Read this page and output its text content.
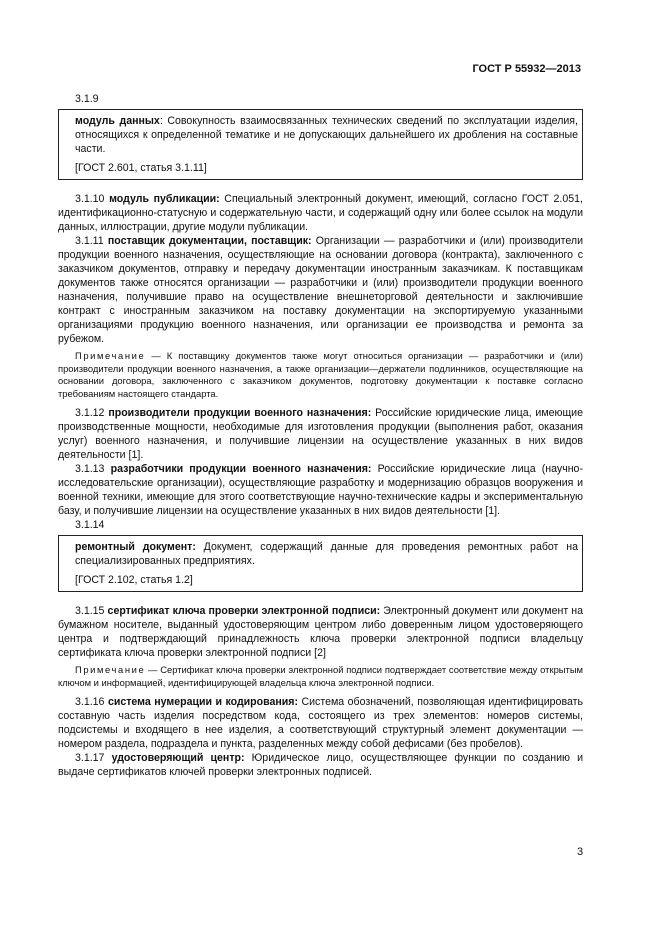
ГОСТ Р 55932—2013
3.1.9
модуль данных: Совокупность взаимосвязанных технических сведений по эксплуатации изделия, относящихся к определенной тематике и не допускающих дальнейшего их дробления на составные части.
[ГОСТ 2.601, статья 3.1.11]

3.1.10 модуль публикации: Специальный электронный документ, имеющий, согласно ГОСТ 2.051, идентификационно-статусную и содержательную части, и содержащий одну или более ссылок на модули данных, иллюстрации, другие модули публикации.

3.1.11 поставщик документации, поставщик: Организации — разработчики и (или) производители продукции военного назначения, осуществляющие на основании договора (контракта), заключенного с заказчиком документов, отправку и передачу документации иностранным заказчикам. К поставщикам документов также относятся организации — разработчики и (или) производители продукции военного назначения, получившие право на осуществление внешнеторговой деятельности и заключившие контракт с иностранным заказчиком на поставку документации на экспортируемую указанными организациями продукцию военного назначения, или организации ее производства и ремонта за рубежом.

Примечание — К поставщику документов также могут относиться организации — разработчики и (или) производители продукции военного назначения, а также организации—держатели подлинников, осуществляющие на основании договора, заключенного с заказчиком документов, подготовку документации к поставке согласно требованиям настоящего стандарта.

3.1.12 производители продукции военного назначения: Российские юридические лица, имеющие производственные мощности, необходимые для изготовления продукции (выполнения работ, оказания услуг) военного назначения, и получившие лицензии на осуществление указанных в них видов деятельности [1].

3.1.13 разработчики продукции военного назначения: Российские юридические лица (научно-исследовательские организации), осуществляющие разработку и модернизацию образцов вооружения и военной техники, имеющие для этого соответствующие научно-технические кадры и экспериментальную базу, и получившие лицензии на осуществление указанных в них видов деятельности [1].

3.1.14
ремонтный документ: Документ, содержащий данные для проведения ремонтных работ на специализированных предприятиях.
[ГОСТ 2.102, статья 1.2]

3.1.15 сертификат ключа проверки электронной подписи: Электронный документ или документ на бумажном носителе, выданный удостоверяющим центром либо доверенным лицом удостоверяющего центра и подтверждающий принадлежность ключа проверки электронной подписи владельцу сертификата ключа проверки электронной подписи [2]

Примечание — Сертификат ключа проверки электронной подписи подтверждает соответствие между открытым ключом и информацией, идентифицирующей владельца ключа электронной подписи.

3.1.16 система нумерации и кодирования: Система обозначений, позволяющая идентифицировать составную часть изделия посредством кода, состоящего из трех элементов: номеров системы, подсистемы и входящего в нее изделия, а соответствующий структурный элемент документации — номером раздела, подраздела и пункта, разделенных между собой дефисами (без пробелов).

3.1.17 удостоверяющий центр: Юридическое лицо, осуществляющее функции по созданию и выдаче сертификатов ключей проверки электронных подписей.

3
